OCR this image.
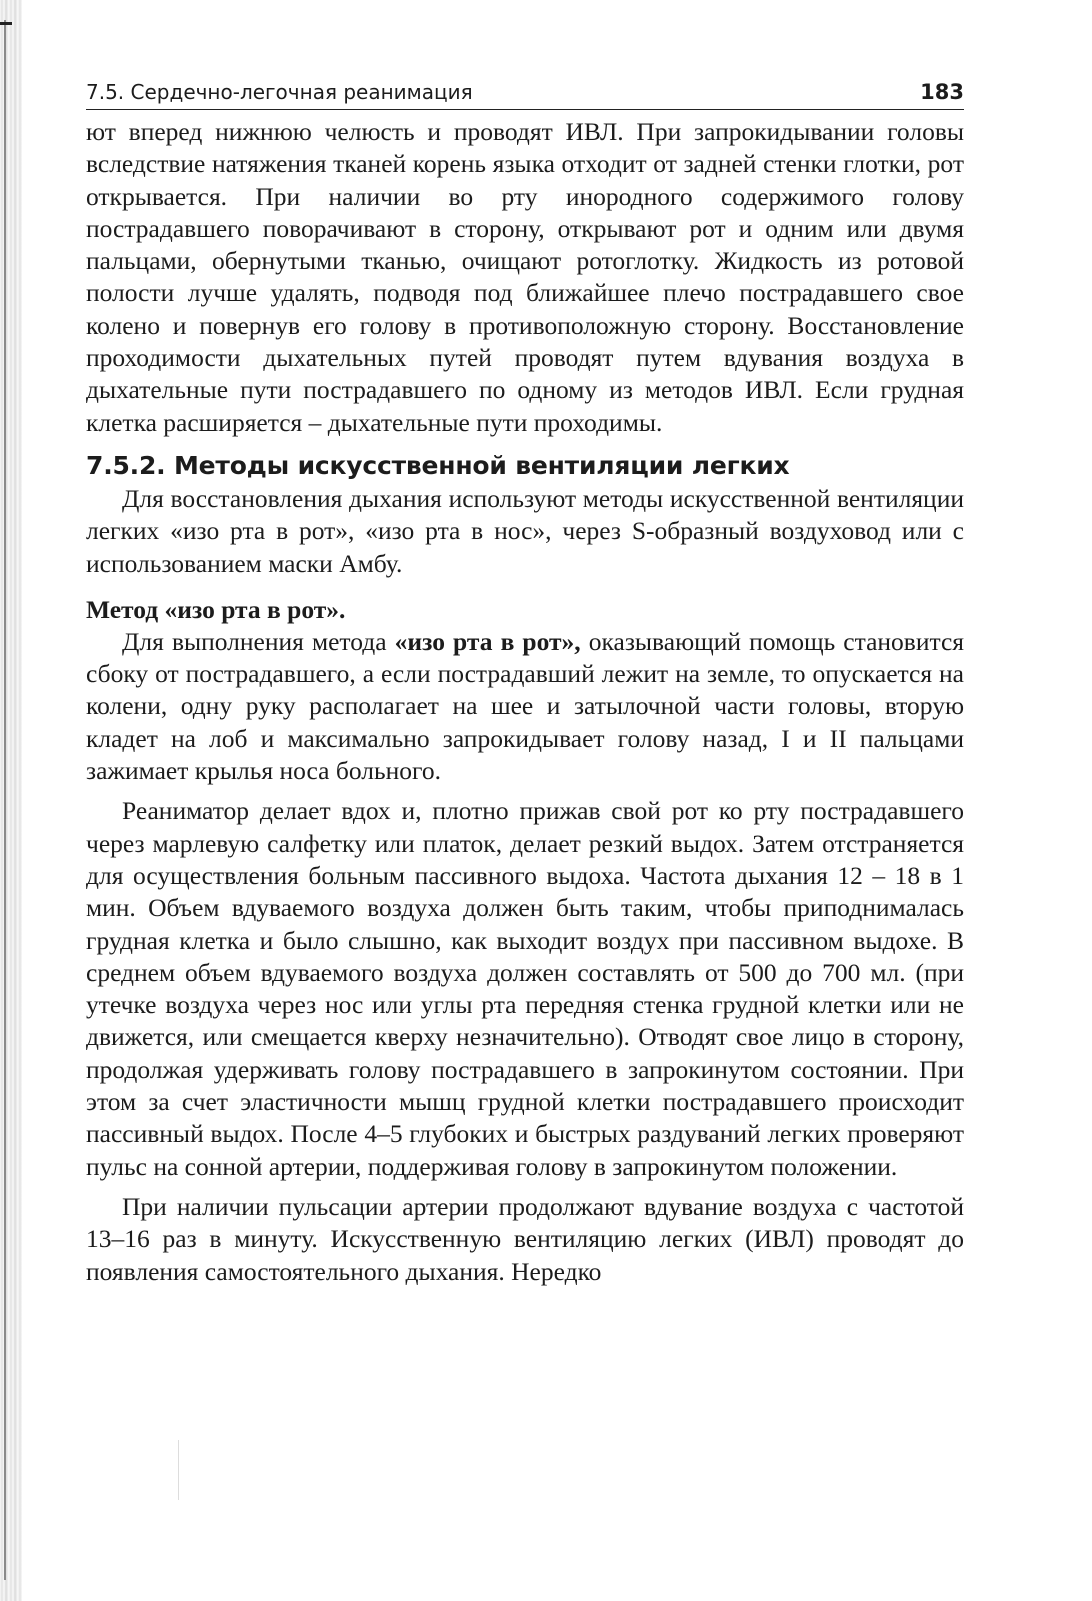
7.5. Сердечно-легочная реанимация	183

ют вперед нижнюю челюсть и проводят ИВЛ. При запрокидывании головы вследствие натяжения тканей корень языка отходит от задней стенки глотки, рот открывается. При наличии во рту инородного содержимого голову пострадавшего поворачивают в сторону, открывают рот и одним или двумя пальцами, обернутыми тканью, очищают ротоглотку. Жидкость из ротовой полости лучше удалять, подводя под ближайшее плечо пострадавшего свое колено и повернув его голову в противоположную сторону. Восстановление проходимости дыхательных путей проводят путем вдувания воздуха в дыхательные пути пострадавшего по одному из методов ИВЛ. Если грудная клетка расширяется – дыхательные пути проходимы.

7.5.2. Методы искусственной вентиляции легких

Для восстановления дыхания используют методы искусственной вентиляции легких «изо рта в рот», «изо рта в нос», через S-образный воздуховод или с использованием маски Амбу.

Метод «изо рта в рот».

Для выполнения метода «изо рта в рот», оказывающий помощь становится сбоку от пострадавшего, а если пострадавший лежит на земле, то опускается на колени, одну руку располагает на шее и затылочной части головы, вторую кладет на лоб и максимально запрокидывает голову назад, I и II пальцами зажимает крылья носа больного.

Реаниматор делает вдох и, плотно прижав свой рот ко рту пострадавшего через марлевую салфетку или платок, делает резкий выдох. Затем отстраняется для осуществления больным пассивного выдоха. Частота дыхания 12 – 18 в 1 мин. Объем вдуваемого воздуха должен быть таким, чтобы приподнималась грудная клетка и было слышно, как выходит воздух при пассивном выдохе. В среднем объем вдуваемого воздуха должен составлять от 500 до 700 мл. (при утечке воздуха через нос или углы рта передняя стенка грудной клетки или не движется, или смещается кверху незначительно). Отводят свое лицо в сторону, продолжая удерживать голову пострадавшего в запрокинутом состоянии. При этом за счет эластичности мышц грудной клетки пострадавшего происходит пассивный выдох. После 4–5 глубоких и быстрых раздуваний легких проверяют пульс на сонной артерии, поддерживая голову в запрокинутом положении.

При наличии пульсации артерии продолжают вдувание воздуха с частотой 13–16 раз в минуту. Искусственную вентиляцию легких (ИВЛ) проводят до появления самостоятельного дыхания. Нередко
